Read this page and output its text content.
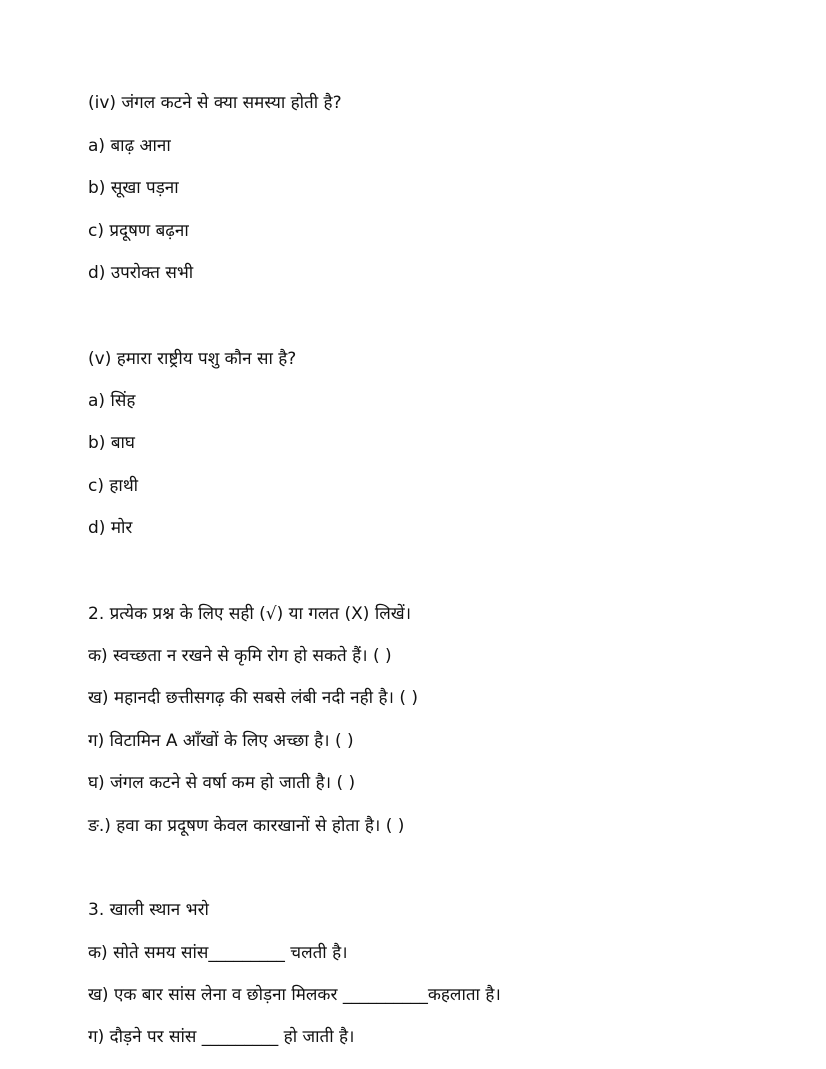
(iv) जंगल कटने से क्या समस्या होती है?
a) बाढ़ आना
b) सूखा पड़ना
c) प्रदूषण बढ़ना
d) उपरोक्त सभी
(v) हमारा राष्ट्रीय पशु कौन सा है?
a) सिंह
b) बाघ
c) हाथी
d) मोर
2. प्रत्येक प्रश्न के लिए सही (√) या गलत (X) लिखें।
क) स्वच्छता न रखने से कृमि रोग हो सकते हैं। ( )
ख) महानदी छत्तीसगढ़ की सबसे लंबी नदी नही है। ( )
ग) विटामिन A आँखों के लिए अच्छा है। ( )
घ) जंगल कटने से वर्षा कम हो जाती है। ( )
ङ.) हवा का प्रदूषण केवल कारखानों से होता है। ( )
3. खाली स्थान भरो
क) सोते समय सांस_________ चलती है।
ख) एक बार सांस लेना व छोड़ना मिलकर __________कहलाता है।
ग) दौड़ने पर सांस _________ हो जाती है।
